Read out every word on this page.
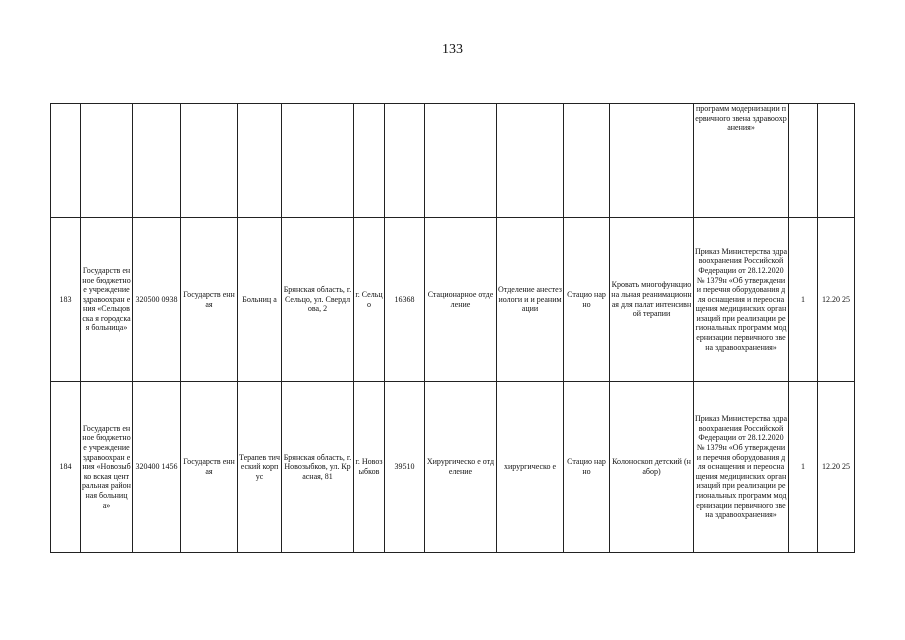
133

												программ модернизации первичного звена здравоохранения»		

183	Государств енное бюджетное учреждение здравоохран ения «Сельцовска я городская больница»	320500 0938	Государств енная	Больниц а	Брянская область, г. Сельцо, ул. Свердлова, 2	г. Сельц о	16368	Стационарное отделение	Отделение анестезиологи и и реанимации	Стацио нарно	Кровать многофункциона льная реанимационная для палат интенсивной терапии	Приказ Министерства здравоохранения Российской Федерации от 28.12.2020 № 1379н «Об утверждении перечня оборудования для оснащения и переоснащения медицинских организаций при реализации региональных программ модернизации первичного звена здравоохранения»	1	12.20 25
184	Государств енное бюджетное учреждение здравоохран ения «Новозыбко вская центральная районная больница»	320400 1456	Государств енная	Терапев тический корпус	Брянская область, г. Новозыбков, ул. Красная, 81	г. Новоз ыбков	39510	Хирургическо е отделение	хирургическо е	Стацио нарно	Колоноскоп детский (набор)	Приказ Министерства здравоохранения Российской Федерации от 28.12.2020 № 1379н «Об утверждении перечня оборудования для оснащения и переоснащения медицинских организаций при реализации региональных программ модернизации первичного звена здравоохранения»	1	12.20 25
